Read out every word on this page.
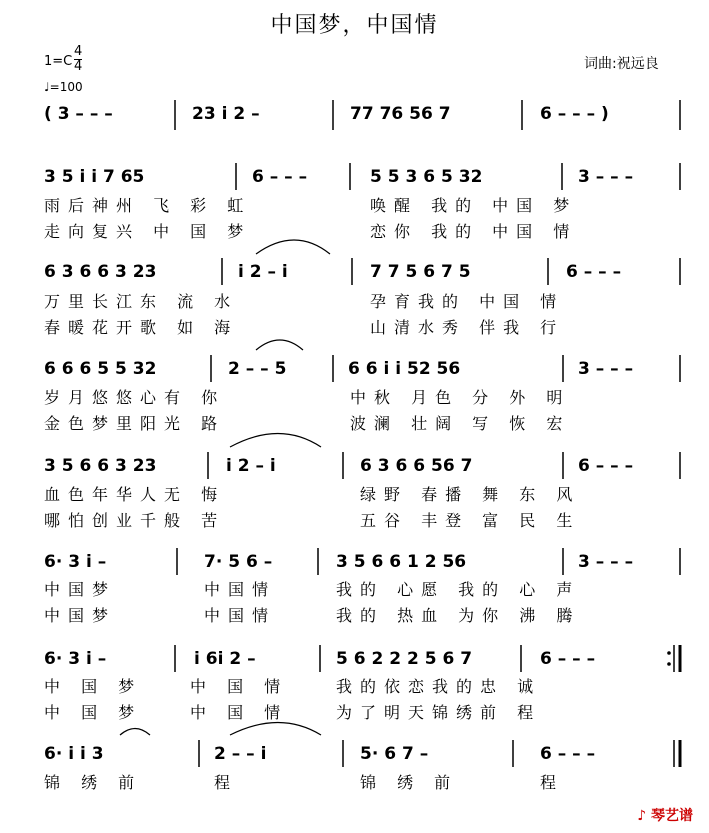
中国梦，中国情
$1=C \frac{4}{4}$
♩=100
词曲:祝远良
( 3 – – –	23 i 2 –	77 76 56 7	6 – – – )
3 5 i i 7 65	6 – – –	5 5 3 6 5 32	3 – – –
雨后神州 飞 彩 虹	唤醒 我的 中国 梦
走向复兴 中 国 梦	恋你 我的 中国 情
6 3 6 6 3 23	i 2 – i	7 7 5 6 7 5	6 – – –
万里长江东 流 水	孕育我的 中国 情
春暖花开歌 如 海	山清水秀 伴我 行
6 6 6 5 5 32	2 – – 5	6 6 i i 52 56	3 – – –
岁月悠悠心有 你	中秋 月色 分 外 明
金色梦里阳光 路	波澜 壮阔 写 恢 宏
3 5 6 6 3 23	i 2 – i	6 3 6 6 56 7	6 – – –
血色年华人无 悔	绿野 春播 舞 东 风
哪怕创业千般 苦	五谷 丰登 富 民 生
6· 3 i –	7· 5 6 –	3 5 6 6 1 2 56	3 – – –
中国梦	中国情	我的 心愿 我的 心 声
中国梦	中国情	我的 热血 为你 沸 腾
6· 3 i –	i 6i 2 –	5 6 2 2 2 5 6 7	6 – – –
中 国 梦	中 国 情	我的依恋我的忠 诚
中 国 梦	中 国 情	为了明天锦绣前 程
6· i i 3	2 – – i	5· 6 7 –	6 – – –
锦 绣 前	程	锦 绣 前	程
♪ 琴艺谱
